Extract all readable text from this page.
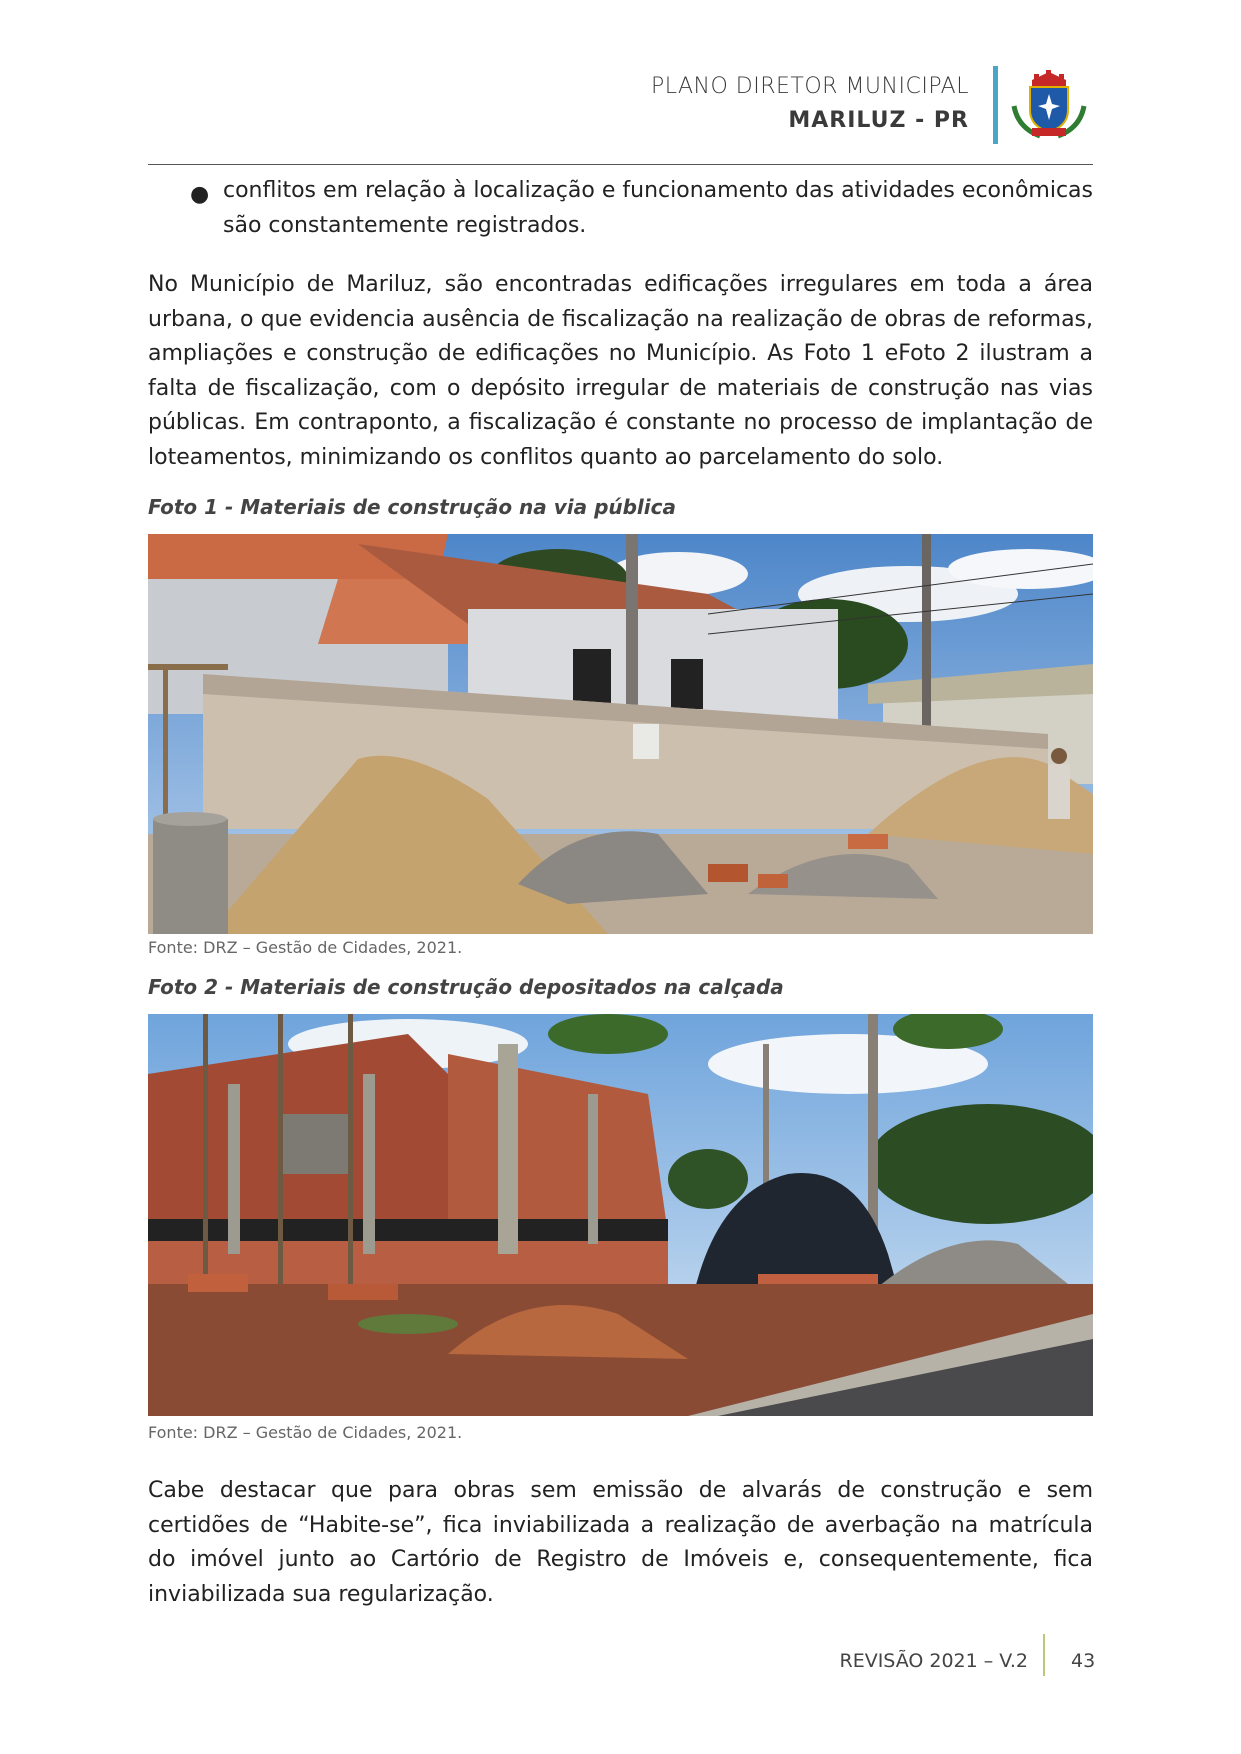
PLANO DIRETOR MUNICIPAL
MARILUZ - PR
● conflitos em relação à localização e funcionamento das atividades econômicas são constantemente registrados.
No Município de Mariluz, são encontradas edificações irregulares em toda a área urbana, o que evidencia ausência de fiscalização na realização de obras de reformas, ampliações e construção de edificações no Município. As Foto 1 eFoto 2 ilustram a falta de fiscalização, com o depósito irregular de materiais de construção nas vias públicas. Em contraponto, a fiscalização é constante no processo de implantação de loteamentos, minimizando os conflitos quanto ao parcelamento do solo.
Foto 1 - Materiais de construção na via pública
Fonte: DRZ – Gestão de Cidades, 2021.
Foto 2 - Materiais de construção depositados na calçada
Fonte: DRZ – Gestão de Cidades, 2021.
Cabe destacar que para obras sem emissão de alvarás de construção e sem certidões de “Habite-se”, fica inviabilizada a realização de averbação na matrícula do imóvel junto ao Cartório de Registro de Imóveis e, consequentemente, fica inviabilizada sua regularização.
REVISÃO 2021 – V.2 43
